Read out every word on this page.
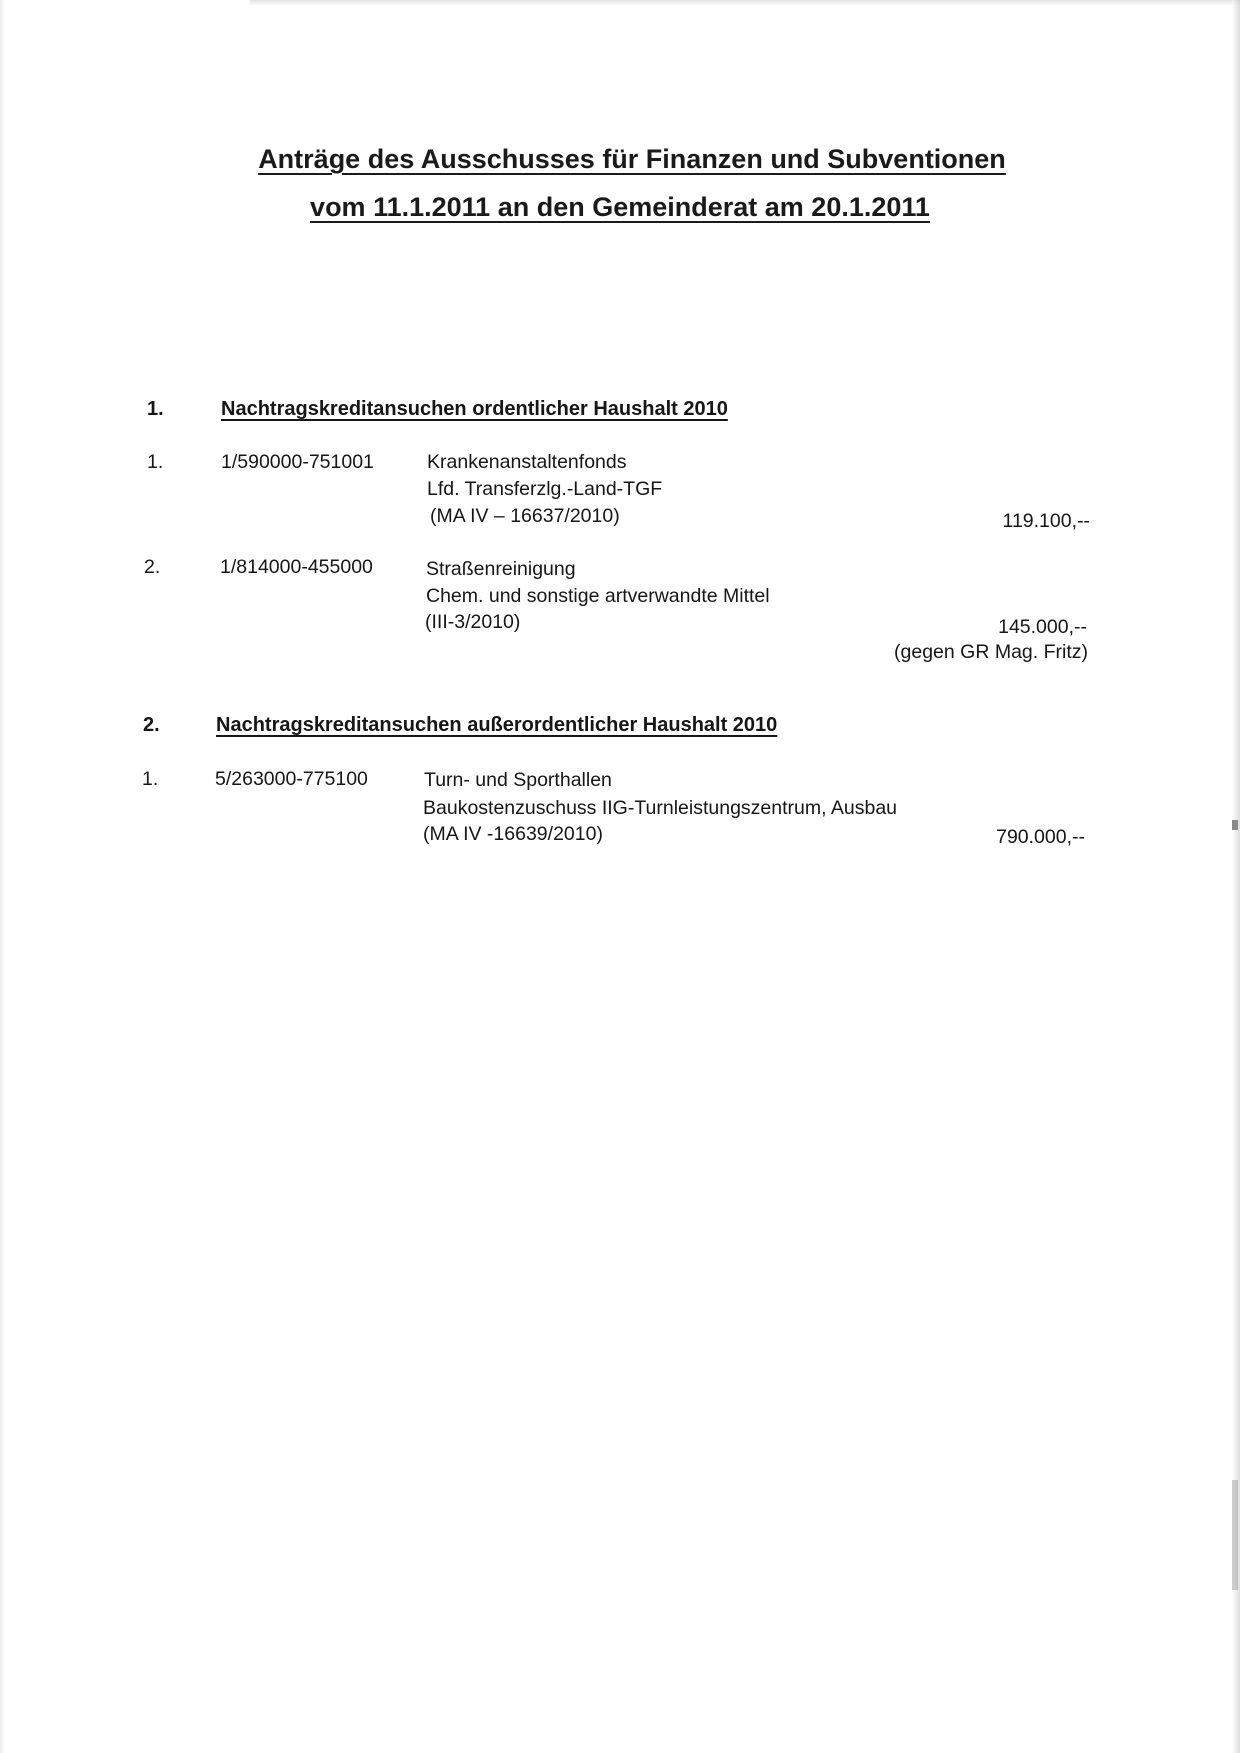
Anträge des Ausschusses für Finanzen und Subventionen
vom 11.1.2011 an den Gemeinderat am 20.1.2011
1.	Nachtragskreditansuchen ordentlicher Haushalt 2010
1.	1/590000-751001	Krankenanstaltenfonds
Lfd. Transferzlg.-Land-TGF
(MA IV – 16637/2010)	119.100,--
2.	1/814000-455000	Straßenreinigung
Chem. und sonstige artverwandte Mittel
(III-3/2010)	145.000,--
(gegen GR Mag. Fritz)
2.	Nachtragskreditansuchen außerordentlicher Haushalt 2010
1.	5/263000-775100	Turn- und Sporthallen
Baukostenzuschuss IIG-Turnleistungszentrum, Ausbau
(MA IV -16639/2010)	790.000,--
